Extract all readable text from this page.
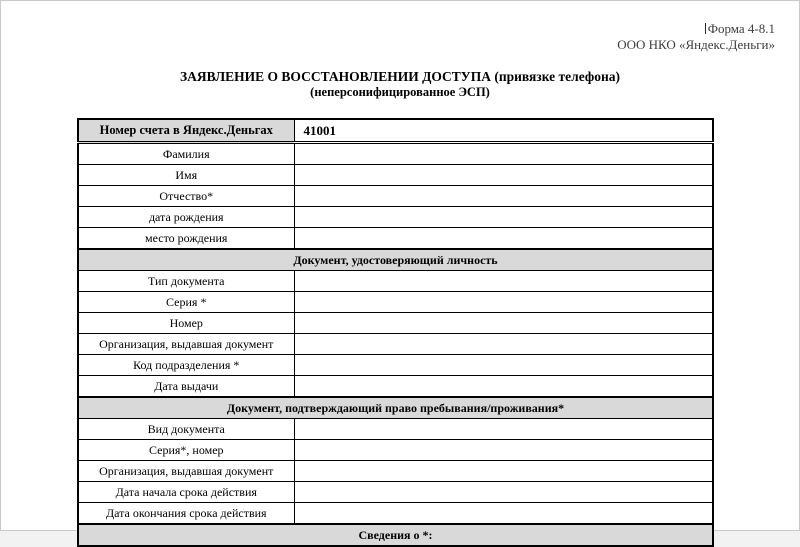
Форма 4-8.1
ООО НКО «Яндекс.Деньги»
ЗАЯВЛЕНИЕ О ВОССТАНОВЛЕНИИ ДОСТУПА (привязке телефона)
(неперсонифицированное ЭСП)
Номер счета в Яндекс.Деньгах	41001
Фамилия	
Имя	
Отчество*	
дата рождения	
место рождения	
Документ, удостоверяющий личность	
Тип документа	
Серия *	
Номер	
Организация, выдавшая документ	
Код подразделения *	
Дата выдачи	
Документ, подтверждающий право пребывания/проживания*	
Вид документа	
Серия*, номер	
Организация, выдавшая документ	
Дата начала срока действия	
Дата окончания срока действия	
Сведения о *:	
